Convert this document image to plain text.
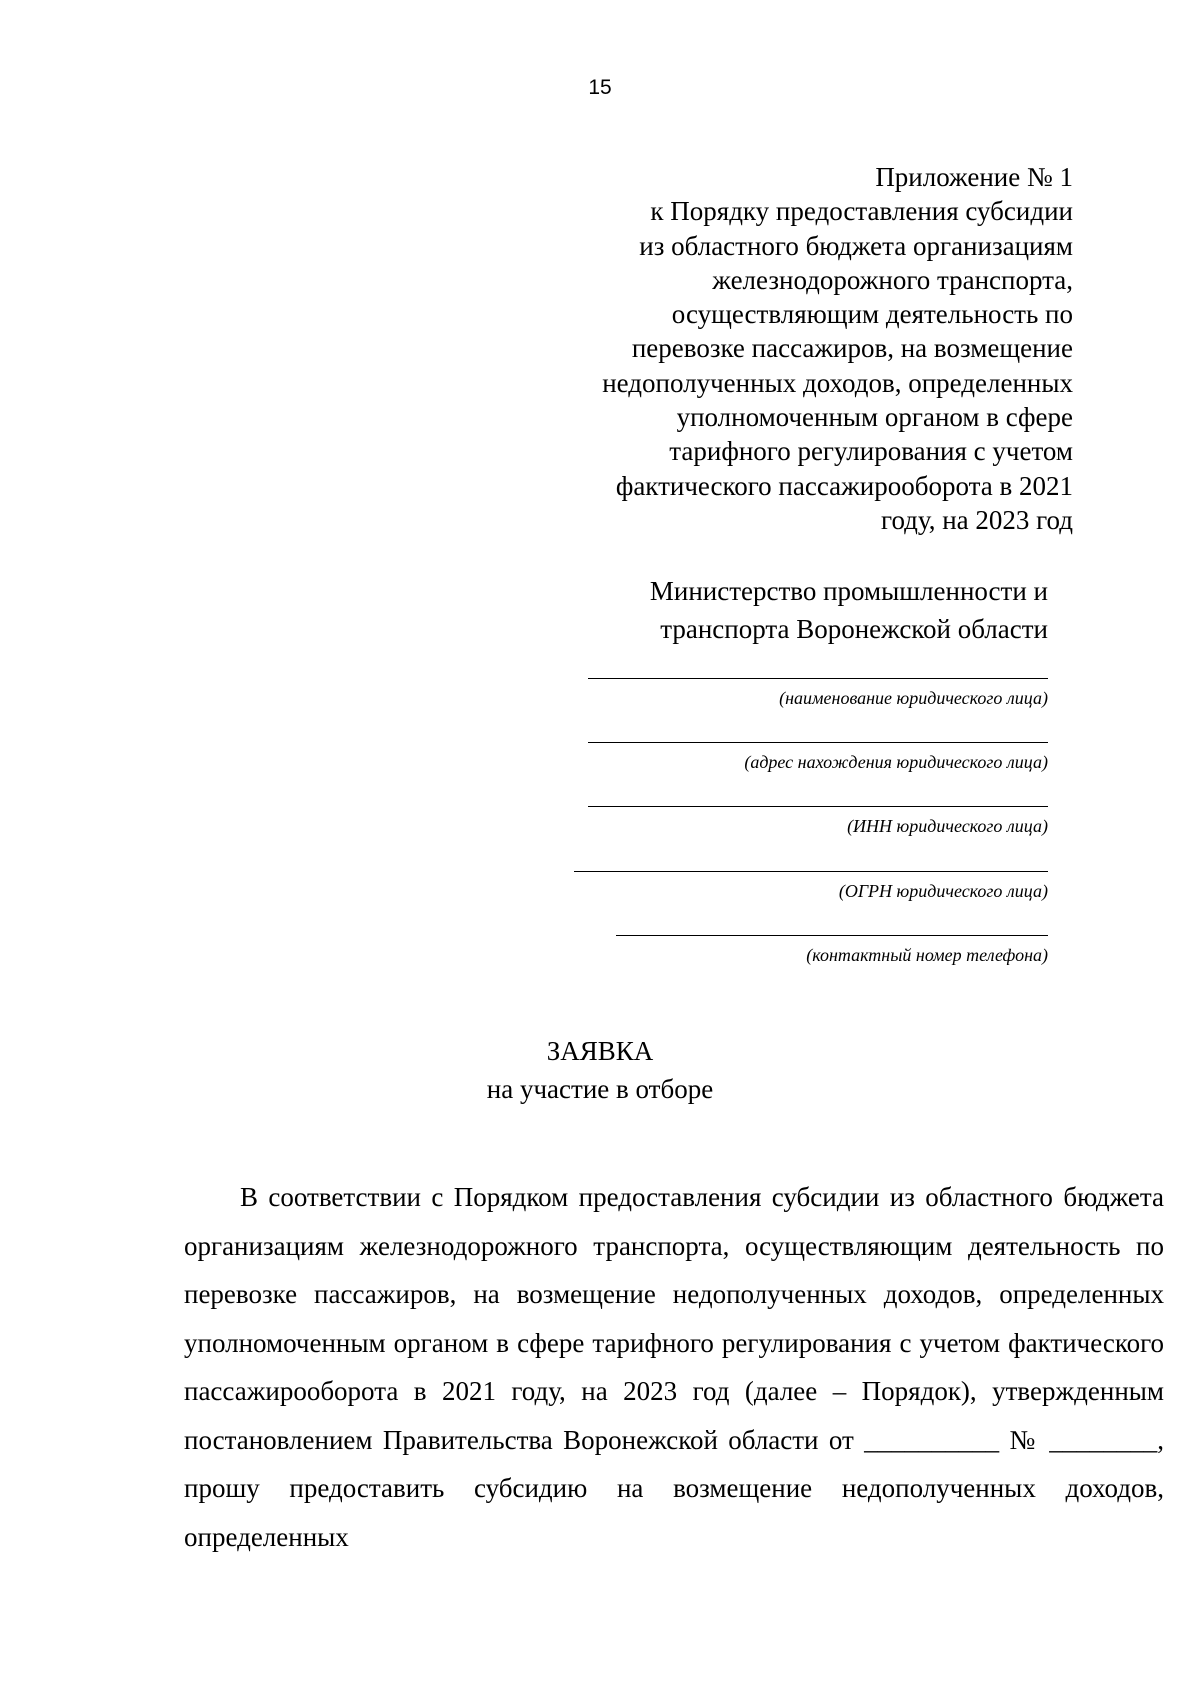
15
Приложение № 1
к Порядку предоставления субсидии
из областного бюджета организациям
железнодорожного транспорта,
осуществляющим деятельность по
перевозке пассажиров, на возмещение
недополученных доходов, определенных
уполномоченным органом в сфере
тарифного регулирования с учетом
фактического пассажирооборота в 2021
году, на 2023 год
Министерство промышленности и
транспорта Воронежской области
(наименование юридического лица)
(адрес нахождения юридического лица)
(ИНН юридического лица)
(ОГРН юридического лица)
(контактный номер телефона)
ЗАЯВКА
на участие в отборе

В соответствии с Порядком предоставления субсидии из областного бюджета организациям железнодорожного транспорта, осуществляющим деятельность по перевозке пассажиров, на возмещение недополученных доходов, определенных уполномоченным органом в сфере тарифного регулирования с учетом фактического пассажирооборота в 2021 году, на 2023 год (далее – Порядок), утвержденным постановлением Правительства Воронежской области от __________ № ________, прошу предоставить субсидию на возмещение недополученных доходов, определенных
